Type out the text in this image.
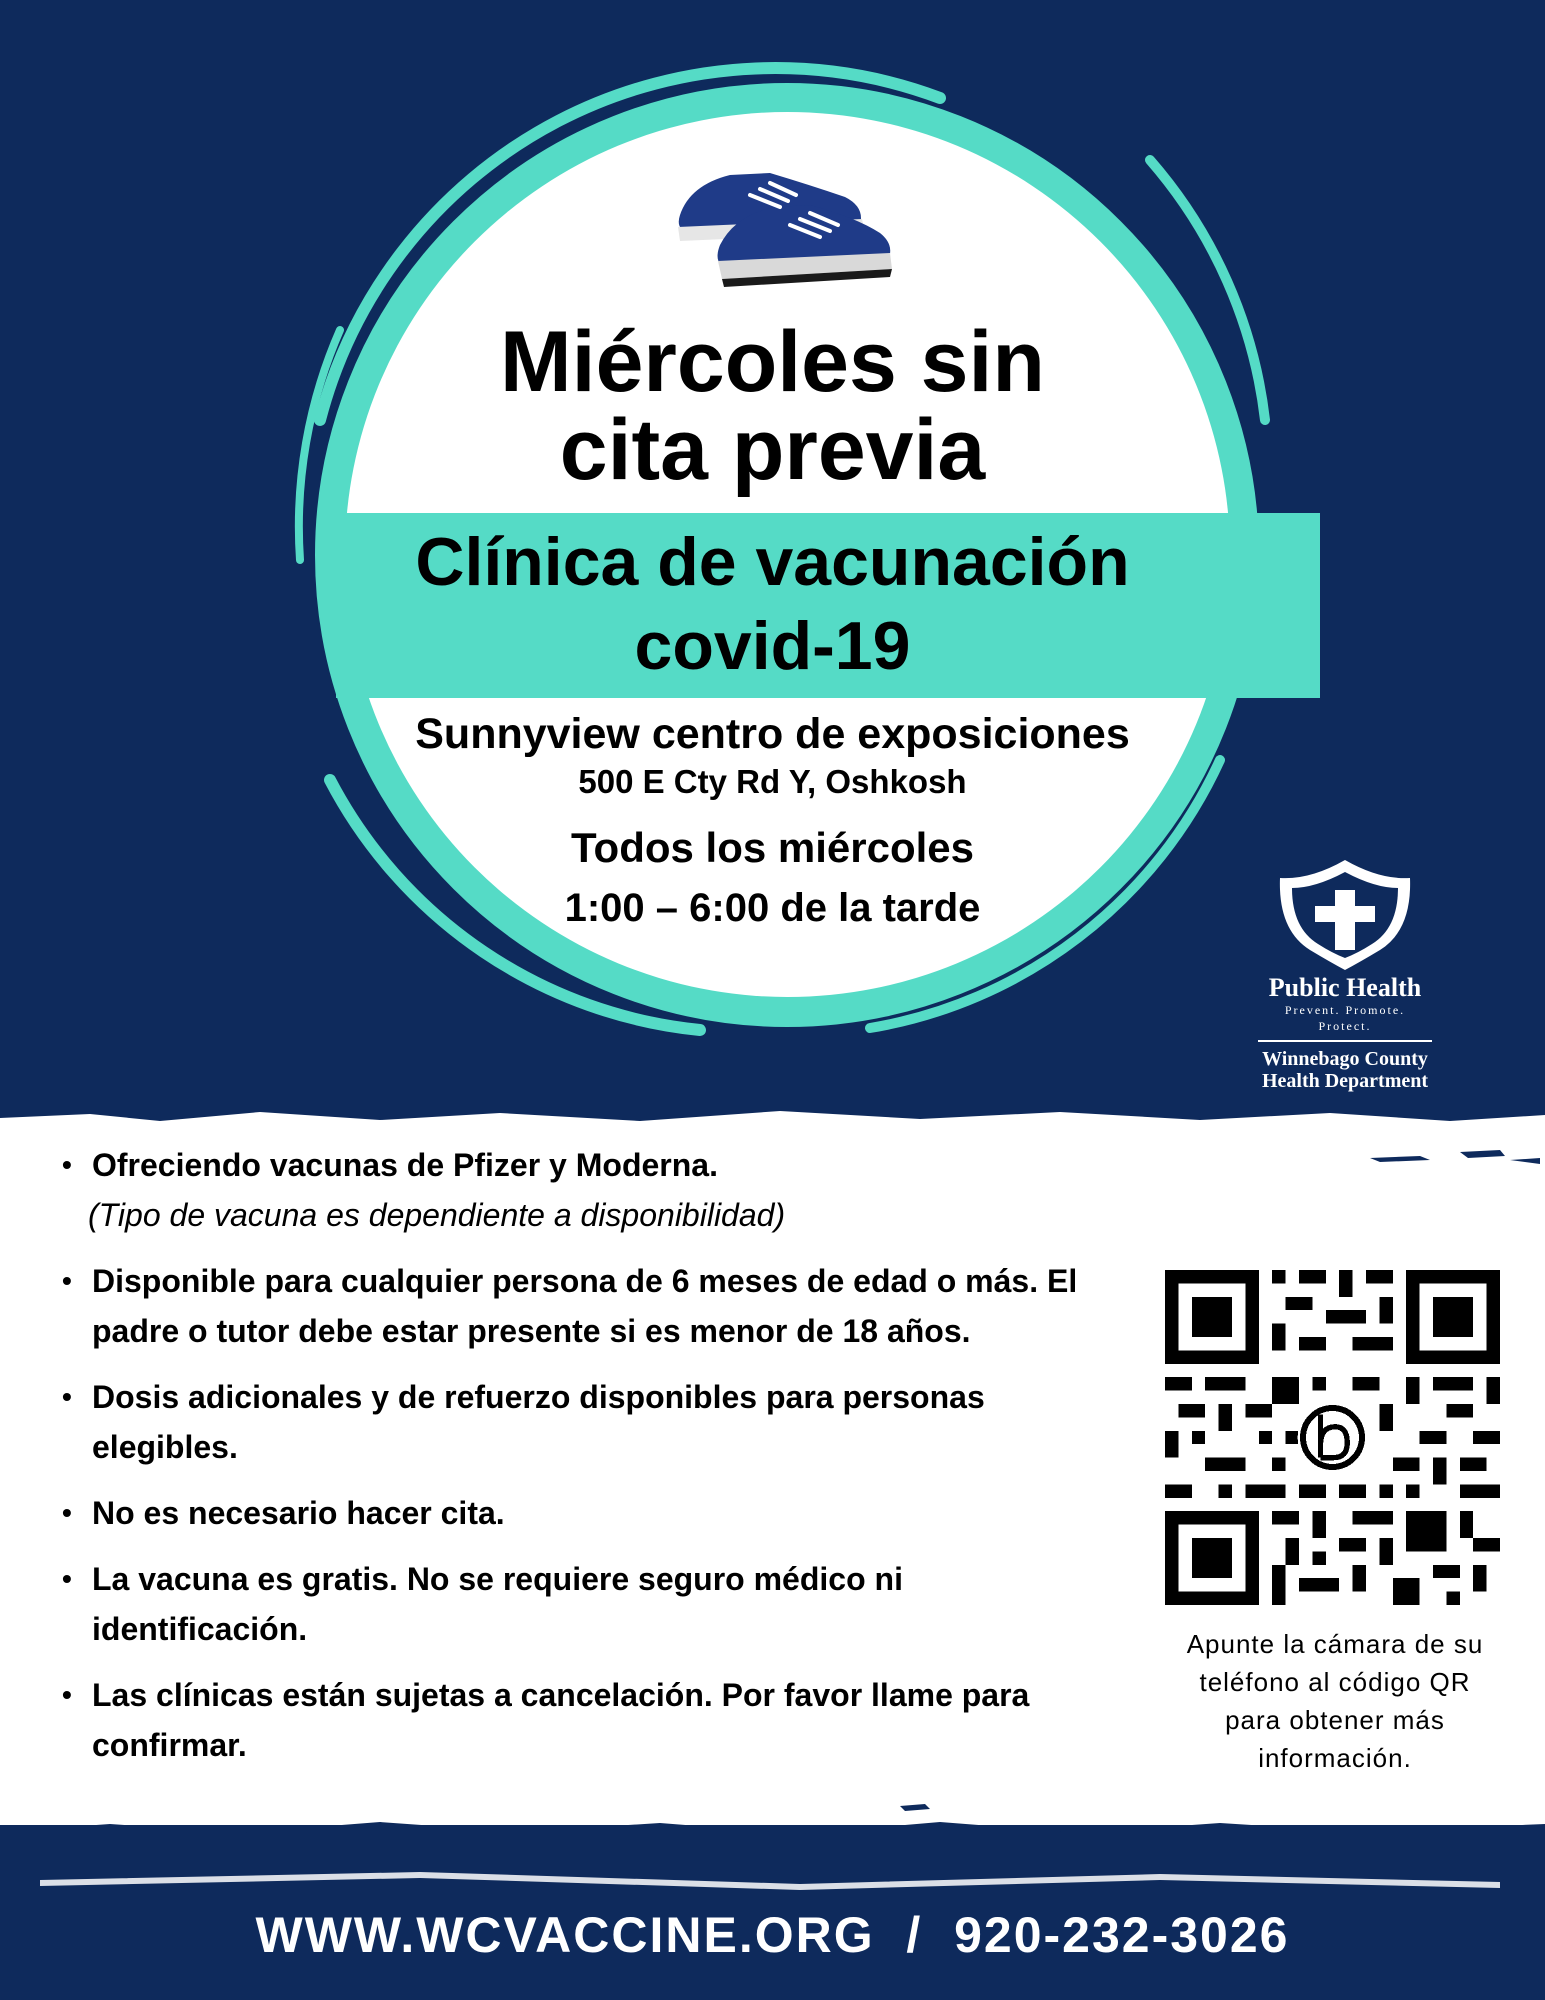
Miércoles sin
cita previa
Clínica de vacunación
covid-19
Sunnyview centro de exposiciones
500 E Cty Rd Y, Oshkosh
Todos los miércoles
1:00 – 6:00 de la tarde
Public Health
Prevent. Promote. Protect.
Winnebago County
Health Department
• Ofreciendo vacunas de Pfizer y Moderna.
(Tipo de vacuna es dependiente a disponibilidad)
• Disponible para cualquier persona de 6 meses de edad o más. El padre o tutor debe estar presente si es menor de 18 años.
• Dosis adicionales y de refuerzo disponibles para personas elegibles.
• No es necesario hacer cita.
• La vacuna es gratis. No se requiere seguro médico ni identificación.
• Las clínicas están sujetas a cancelación. Por favor llame para confirmar.
Apunte la cámara de su
teléfono al código QR
para obtener más
información.
WWW.WCVACCINE.ORG  /  920-232-3026
